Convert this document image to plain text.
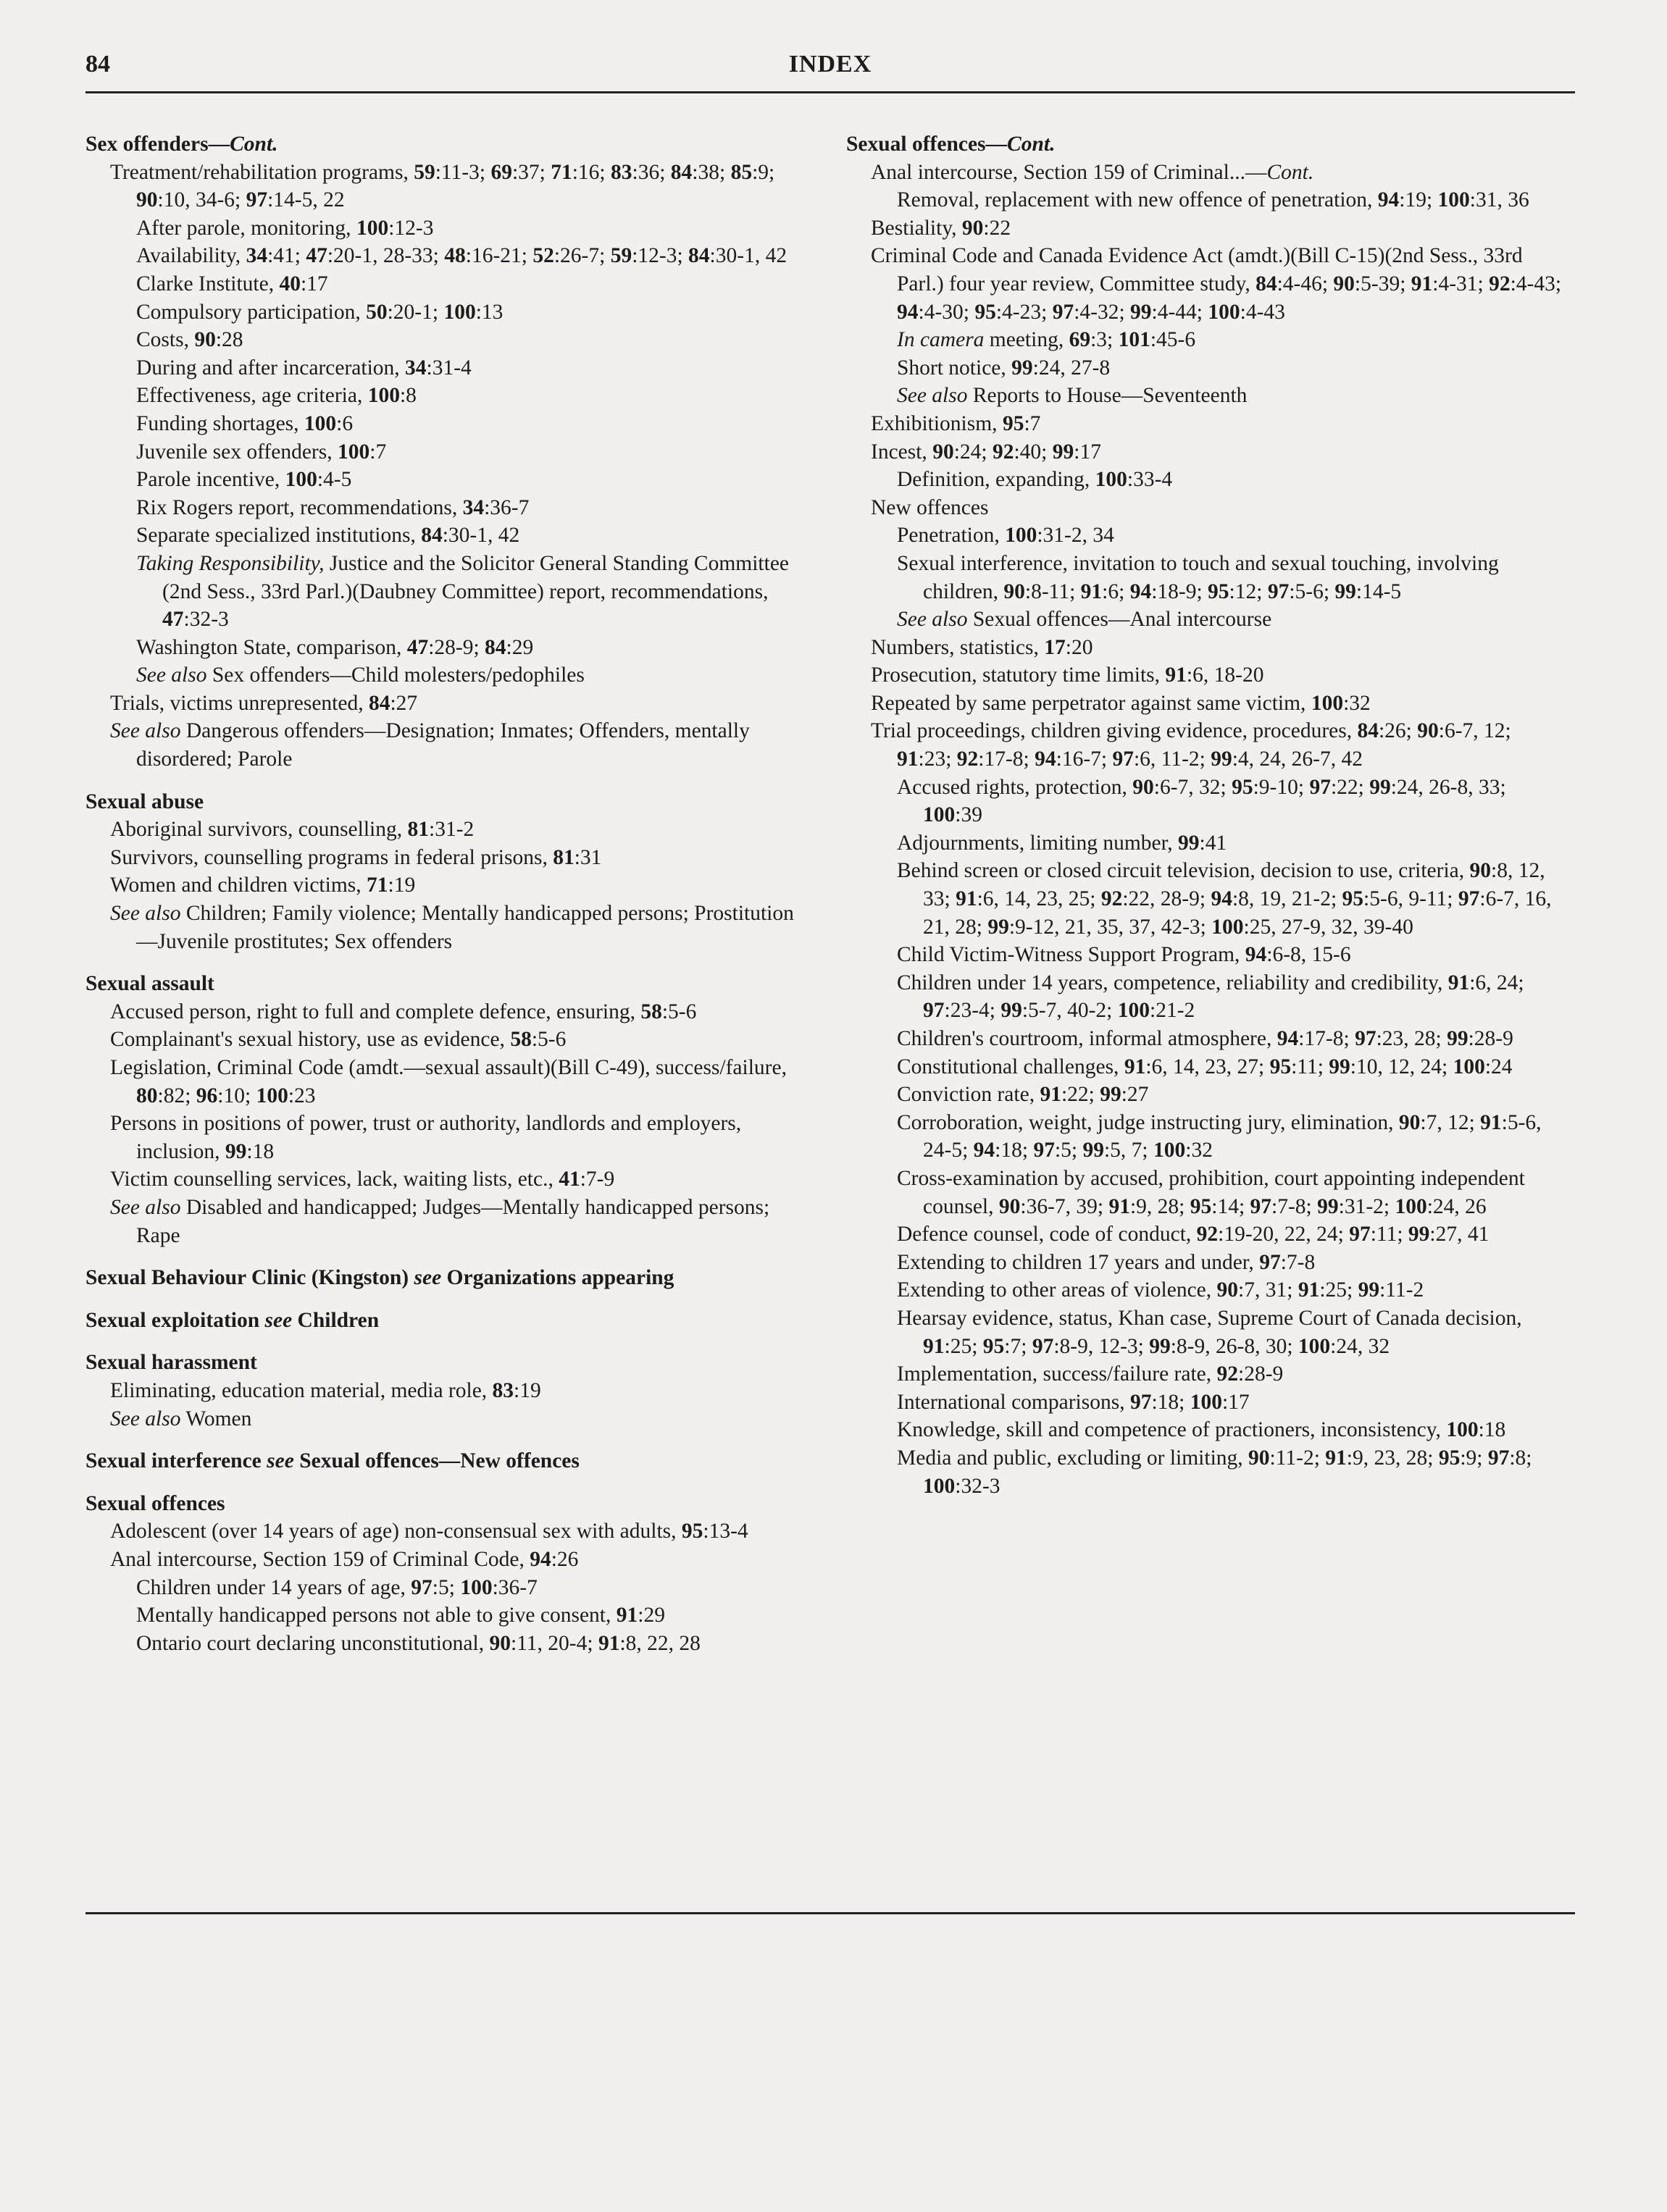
84	INDEX
Sex offenders—Cont.
Treatment/rehabilitation programs, 59:11-3; 69:37; 71:16; 83:36; 84:38; 85:9; 90:10, 34-6; 97:14-5, 22
After parole, monitoring, 100:12-3
Availability, 34:41; 47:20-1, 28-33; 48:16-21; 52:26-7; 59:12-3; 84:30-1, 42
Clarke Institute, 40:17
Compulsory participation, 50:20-1; 100:13
Costs, 90:28
During and after incarceration, 34:31-4
Effectiveness, age criteria, 100:8
Funding shortages, 100:6
Juvenile sex offenders, 100:7
Parole incentive, 100:4-5
Rix Rogers report, recommendations, 34:36-7
Separate specialized institutions, 84:30-1, 42
Taking Responsibility, Justice and the Solicitor General Standing Committee (2nd Sess., 33rd Parl.)(Daubney Committee) report, recommendations, 47:32-3
Washington State, comparison, 47:28-9; 84:29
See also Sex offenders—Child molesters/pedophiles
Trials, victims unrepresented, 84:27
See also Dangerous offenders—Designation; Inmates; Offenders, mentally disordered; Parole
Sexual abuse
Aboriginal survivors, counselling, 81:31-2
Survivors, counselling programs in federal prisons, 81:31
Women and children victims, 71:19
See also Children; Family violence; Mentally handicapped persons; Prostitution—Juvenile prostitutes; Sex offenders
Sexual assault
Accused person, right to full and complete defence, ensuring, 58:5-6
Complainant's sexual history, use as evidence, 58:5-6
Legislation, Criminal Code (amdt.—sexual assault)(Bill C-49), success/failure, 80:82; 96:10; 100:23
Persons in positions of power, trust or authority, landlords and employers, inclusion, 99:18
Victim counselling services, lack, waiting lists, etc., 41:7-9
See also Disabled and handicapped; Judges—Mentally handicapped persons; Rape
Sexual Behaviour Clinic (Kingston) see Organizations appearing
Sexual exploitation see Children
Sexual harassment
Eliminating, education material, media role, 83:19
See also Women
Sexual interference see Sexual offences—New offences
Sexual offences
Adolescent (over 14 years of age) non-consensual sex with adults, 95:13-4
Anal intercourse, Section 159 of Criminal Code, 94:26
Children under 14 years of age, 97:5; 100:36-7
Mentally handicapped persons not able to give consent, 91:29
Ontario court declaring unconstitutional, 90:11, 20-4; 91:8, 22, 28
Sexual offences—Cont.
Anal intercourse, Section 159 of Criminal...—Cont.
Removal, replacement with new offence of penetration, 94:19; 100:31, 36
Bestiality, 90:22
Criminal Code and Canada Evidence Act (amdt.)(Bill C-15)(2nd Sess., 33rd Parl.) four year review, Committee study, 84:4-46; 90:5-39; 91:4-31; 92:4-43; 94:4-30; 95:4-23; 97:4-32; 99:4-44; 100:4-43
In camera meeting, 69:3; 101:45-6
Short notice, 99:24, 27-8
See also Reports to House—Seventeenth
Exhibitionism, 95:7
Incest, 90:24; 92:40; 99:17
Definition, expanding, 100:33-4
New offences
Penetration, 100:31-2, 34
Sexual interference, invitation to touch and sexual touching, involving children, 90:8-11; 91:6; 94:18-9; 95:12; 97:5-6; 99:14-5
See also Sexual offences—Anal intercourse
Numbers, statistics, 17:20
Prosecution, statutory time limits, 91:6, 18-20
Repeated by same perpetrator against same victim, 100:32
Trial proceedings, children giving evidence, procedures, 84:26; 90:6-7, 12; 91:23; 92:17-8; 94:16-7; 97:6, 11-2; 99:4, 24, 26-7, 42
Accused rights, protection, 90:6-7, 32; 95:9-10; 97:22; 99:24, 26-8, 33; 100:39
Adjournments, limiting number, 99:41
Behind screen or closed circuit television, decision to use, criteria, 90:8, 12, 33; 91:6, 14, 23, 25; 92:22, 28-9; 94:8, 19, 21-2; 95:5-6, 9-11; 97:6-7, 16, 21, 28; 99:9-12, 21, 35, 37, 42-3; 100:25, 27-9, 32, 39-40
Child Victim-Witness Support Program, 94:6-8, 15-6
Children under 14 years, competence, reliability and credibility, 91:6, 24; 97:23-4; 99:5-7, 40-2; 100:21-2
Children's courtroom, informal atmosphere, 94:17-8; 97:23, 28; 99:28-9
Constitutional challenges, 91:6, 14, 23, 27; 95:11; 99:10, 12, 24; 100:24
Conviction rate, 91:22; 99:27
Corroboration, weight, judge instructing jury, elimination, 90:7, 12; 91:5-6, 24-5; 94:18; 97:5; 99:5, 7; 100:32
Cross-examination by accused, prohibition, court appointing independent counsel, 90:36-7, 39; 91:9, 28; 95:14; 97:7-8; 99:31-2; 100:24, 26
Defence counsel, code of conduct, 92:19-20, 22, 24; 97:11; 99:27, 41
Extending to children 17 years and under, 97:7-8
Extending to other areas of violence, 90:7, 31; 91:25; 99:11-2
Hearsay evidence, status, Khan case, Supreme Court of Canada decision, 91:25; 95:7; 97:8-9, 12-3; 99:8-9, 26-8, 30; 100:24, 32
Implementation, success/failure rate, 92:28-9
International comparisons, 97:18; 100:17
Knowledge, skill and competence of practioners, inconsistency, 100:18
Media and public, excluding or limiting, 90:11-2; 91:9, 23, 28; 95:9; 97:8; 100:32-3
